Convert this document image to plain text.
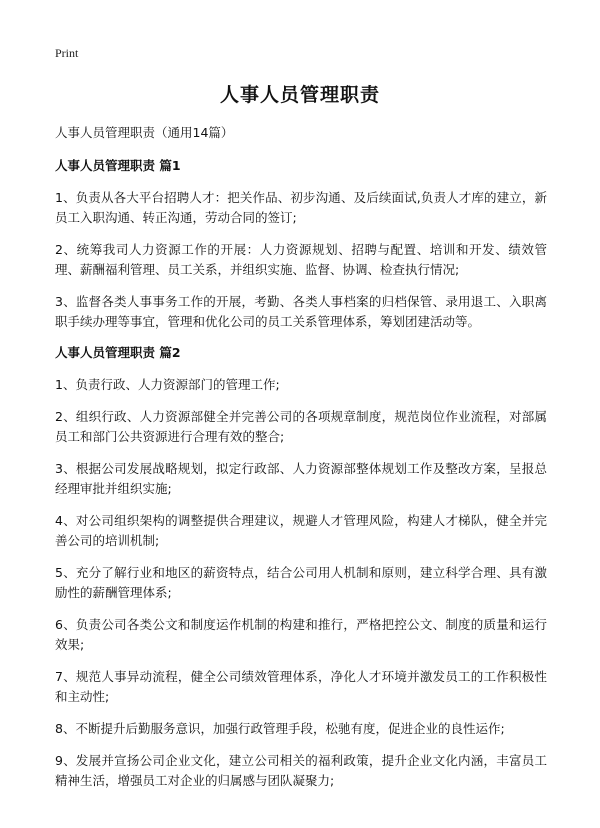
Print
人事人员管理职责

人事人员管理职责（通用14篇）

人事人员管理职责 篇1

1、负责从各大平台招聘人才：把关作品、初步沟通、及后续面试,负责人才库的建立，新员工入职沟通、转正沟通，劳动合同的签订;

2、统筹我司人力资源工作的开展：人力资源规划、招聘与配置、培训和开发、绩效管理、薪酬福利管理、员工关系，并组织实施、监督、协调、检查执行情况;

3、监督各类人事事务工作的开展，考勤、各类人事档案的归档保管、录用退工、入职离职手续办理等事宜，管理和优化公司的员工关系管理体系，筹划团建活动等。

人事人员管理职责 篇2

1、负责行政、人力资源部门的管理工作;

2、组织行政、人力资源部健全并完善公司的各项规章制度，规范岗位作业流程，对部属员工和部门公共资源进行合理有效的整合;

3、根据公司发展战略规划，拟定行政部、人力资源部整体规划工作及整改方案，呈报总经理审批并组织实施;

4、对公司组织架构的调整提供合理建议，规避人才管理风险，构建人才梯队，健全并完善公司的培训机制;

5、充分了解行业和地区的薪资特点，结合公司用人机制和原则，建立科学合理、具有激励性的薪酬管理体系;

6、负责公司各类公文和制度运作机制的构建和推行，严格把控公文、制度的质量和运行效果;

7、规范人事异动流程，健全公司绩效管理体系，净化人才环境并激发员工的工作积极性和主动性;

8、不断提升后勤服务意识，加强行政管理手段，松驰有度，促进企业的良性运作;

9、发展并宣扬公司企业文化，建立公司相关的福利政策，提升企业文化内涵，丰富员工精神生活，增强员工对企业的归属感与团队凝聚力;
